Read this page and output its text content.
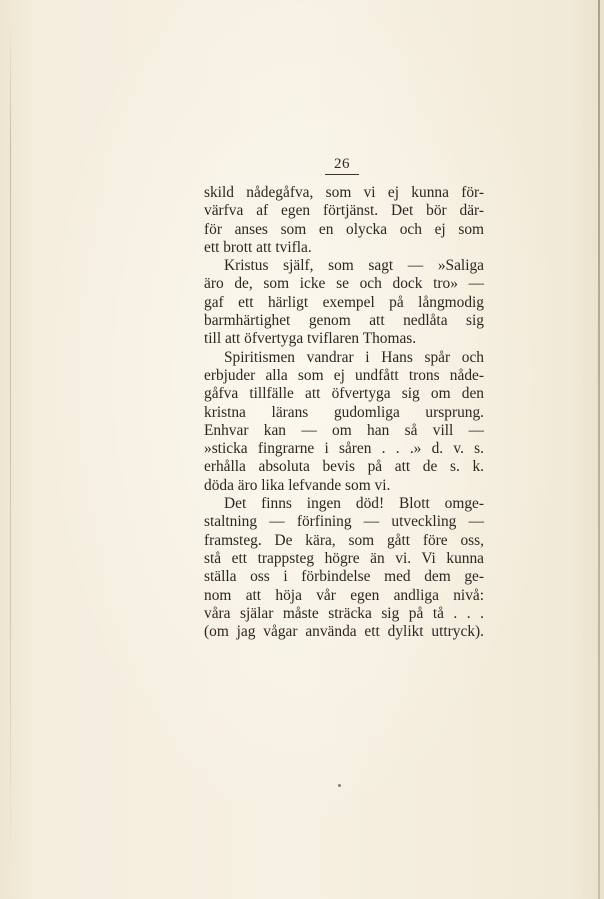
26
skild nådegåfva, som vi ej kunna för-
värfva af egen förtjänst. Det bör där-
för anses som en olycka och ej som
ett brott att tvifla.
Kristus själf, som sagt — »Saliga
äro de, som icke se och dock tro» —
gaf ett härligt exempel på långmodig
barmhärtighet genom att nedlåta sig
till att öfvertyga tviflaren Thomas.
Spiritismen vandrar i Hans spår och
erbjuder alla som ej undfått trons nåde-
gåfva tillfälle att öfvertyga sig om den
kristna lärans gudomliga ursprung.
Enhvar kan — om han så vill —
»sticka fingrarne i såren . . .» d. v. s.
erhålla absoluta bevis på att de s. k.
döda äro lika lefvande som vi.
Det finns ingen död! Blott omge-
staltning — förfining — utveckling —
framsteg. De kära, som gått före oss,
stå ett trappsteg högre än vi. Vi kunna
ställa oss i förbindelse med dem ge-
nom att höja vår egen andliga nivå:
våra själar måste sträcka sig på tå . . .
(om jag vågar använda ett dylikt uttryck).
